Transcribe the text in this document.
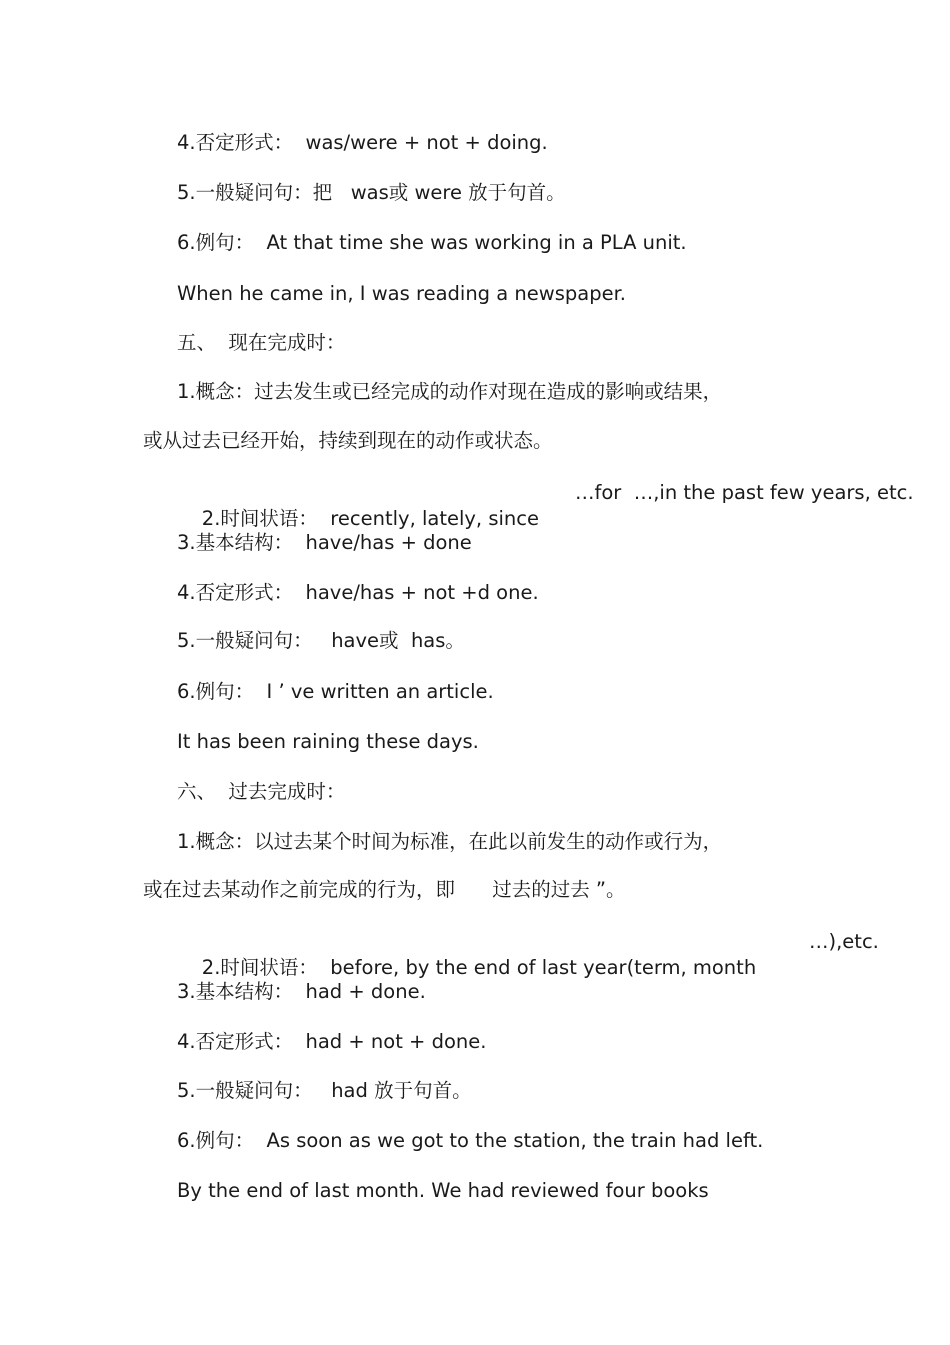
4.否定形式：  was/were + not + doing.
5.一般疑问句：把   was或 were 放于句首。
6.例句：  At that time she was working in a PLA unit.
When he came in, I was reading a newspaper.
五、  现在完成时：
1.概念：过去发生或已经完成的动作对现在造成的影响或结果，
或从过去已经开始，持续到现在的动作或状态。

2.时间状语：  recently, lately, since

…for  …,in the past few years, etc.

3.基本结构：  have/has + done
4.否定形式：  have/has + not +d one.
5.一般疑问句：   have或  has。
6.例句：  I ’ ve written an article.
It has been raining these days.
六、  过去完成时：
1.概念：以过去某个时间为标准，在此以前发生的动作或行为，
或在过去某动作之前完成的行为，即      过去的过去 ”。

2.时间状语：  before, by the end of last year(term, month

…),etc.

3.基本结构：  had + done.
4.否定形式：  had + not + done.
5.一般疑问句：   had 放于句首。
6.例句：  As soon as we got to the station, the train had left.
By the end of last month. We had reviewed four books
